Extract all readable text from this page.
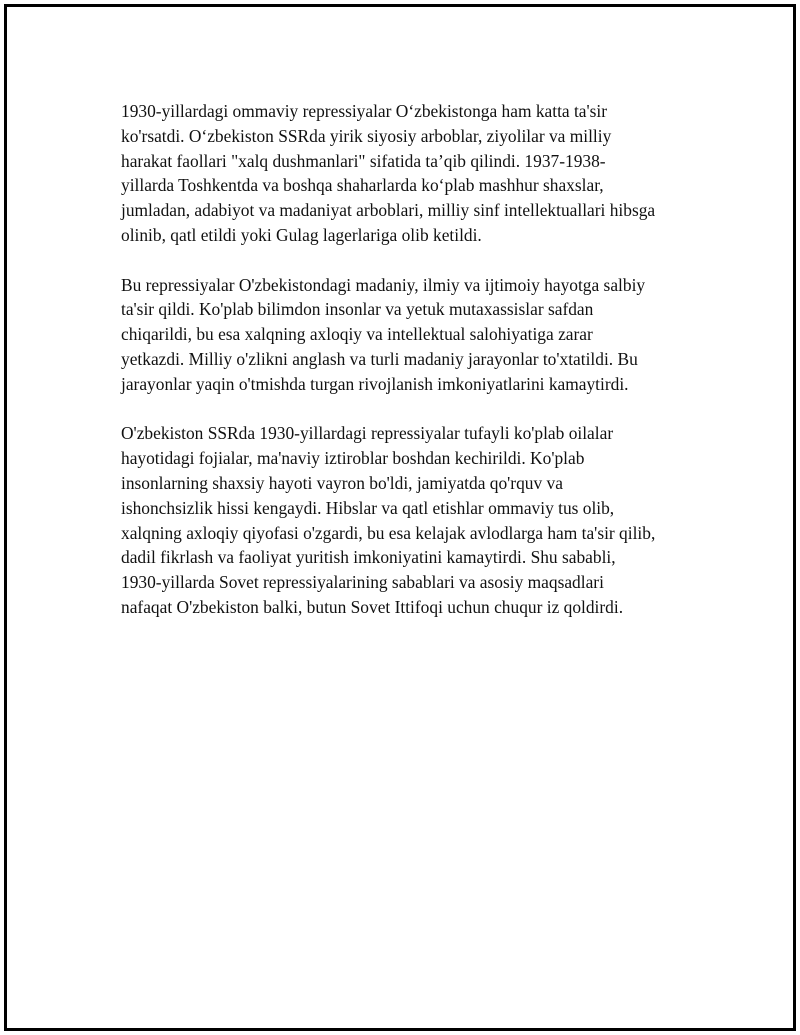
1930-yillardagi ommaviy repressiyalar O‘zbekistonga ham katta ta'sir
ko'rsatdi. O‘zbekiston SSRda yirik siyosiy arboblar, ziyolilar va milliy
harakat faollari "xalq dushmanlari" sifatida ta’qib qilindi. 1937-1938-
yillarda Toshkentda va boshqa shaharlarda ko‘plab mashhur shaxslar,
jumladan, adabiyot va madaniyat arboblari, milliy sinf intellektuallari hibsga
olinib, qatl etildi yoki Gulag lagerlariga olib ketildi.

Bu repressiyalar O'zbekistondagi madaniy, ilmiy va ijtimoiy hayotga salbiy
ta'sir qildi. Ko'plab bilimdon insonlar va yetuk mutaxassislar safdan
chiqarildi, bu esa xalqning axloqiy va intellektual salohiyatiga zarar
yetkazdi. Milliy o'zlikni anglash va turli madaniy jarayonlar to'xtatildi. Bu
jarayonlar yaqin o'tmishda turgan rivojlanish imkoniyatlarini kamaytirdi.

O'zbekiston SSRda 1930-yillardagi repressiyalar tufayli ko'plab oilalar
hayotidagi fojialar, ma'naviy iztiroblar boshdan kechirildi. Ko'plab
insonlarning shaxsiy hayoti vayron bo'ldi, jamiyatda qo'rquv va
ishonchsizlik hissi kengaydi. Hibslar va qatl etishlar ommaviy tus olib,
xalqning axloqiy qiyofasi o'zgardi, bu esa kelajak avlodlarga ham ta'sir qilib,
dadil fikrlash va faoliyat yuritish imkoniyatini kamaytirdi. Shu sababli,
1930-yillarda Sovet repressiyalarining sabablari va asosiy maqsadlari
nafaqat O'zbekiston balki, butun Sovet Ittifoqi uchun chuqur iz qoldirdi.
